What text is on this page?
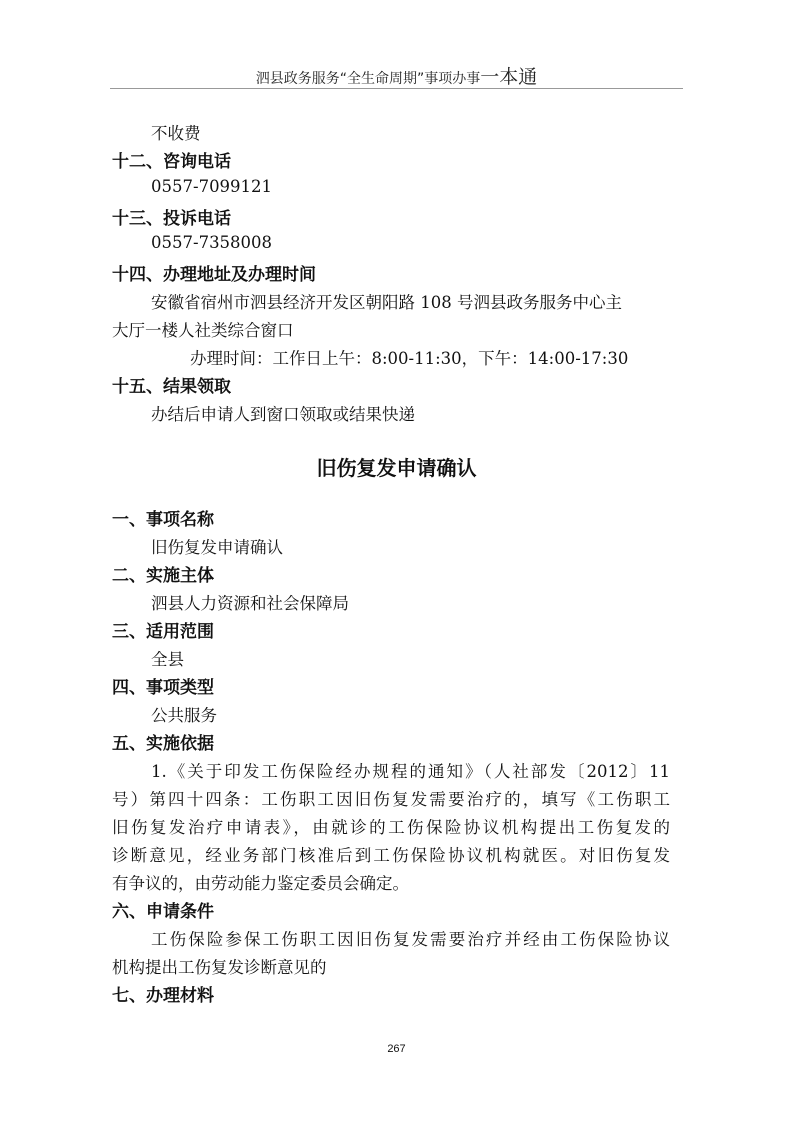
泗县政务服务“全生命周期”事项办事一本通
不收费
十二、咨询电话
0557-7099121
十三、投诉电话
0557-7358008
十四、办理地址及办理时间
安徽省宿州市泗县经济开发区朝阳路 108 号泗县政务服务中心主
大厅一楼人社类综合窗口
办理时间：工作日上午：8:00-11:30，下午：14:00-17:30
十五、结果领取
办结后申请人到窗口领取或结果快递
旧伤复发申请确认
一、事项名称
旧伤复发申请确认
二、实施主体
泗县人力资源和社会保障局
三、适用范围
全县
四、事项类型
公共服务
五、实施依据
1.《关于印发工伤保险经办规程的通知》（人社部发〔2012〕11
号）第四十四条：工伤职工因旧伤复发需要治疗的，填写《工伤职工
旧伤复发治疗申请表》，由就诊的工伤保险协议机构提出工伤复发的
诊断意见，经业务部门核准后到工伤保险协议机构就医。对旧伤复发
有争议的，由劳动能力鉴定委员会确定。
六、申请条件
工伤保险参保工伤职工因旧伤复发需要治疗并经由工伤保险协议
机构提出工伤复发诊断意见的
七、办理材料
267
